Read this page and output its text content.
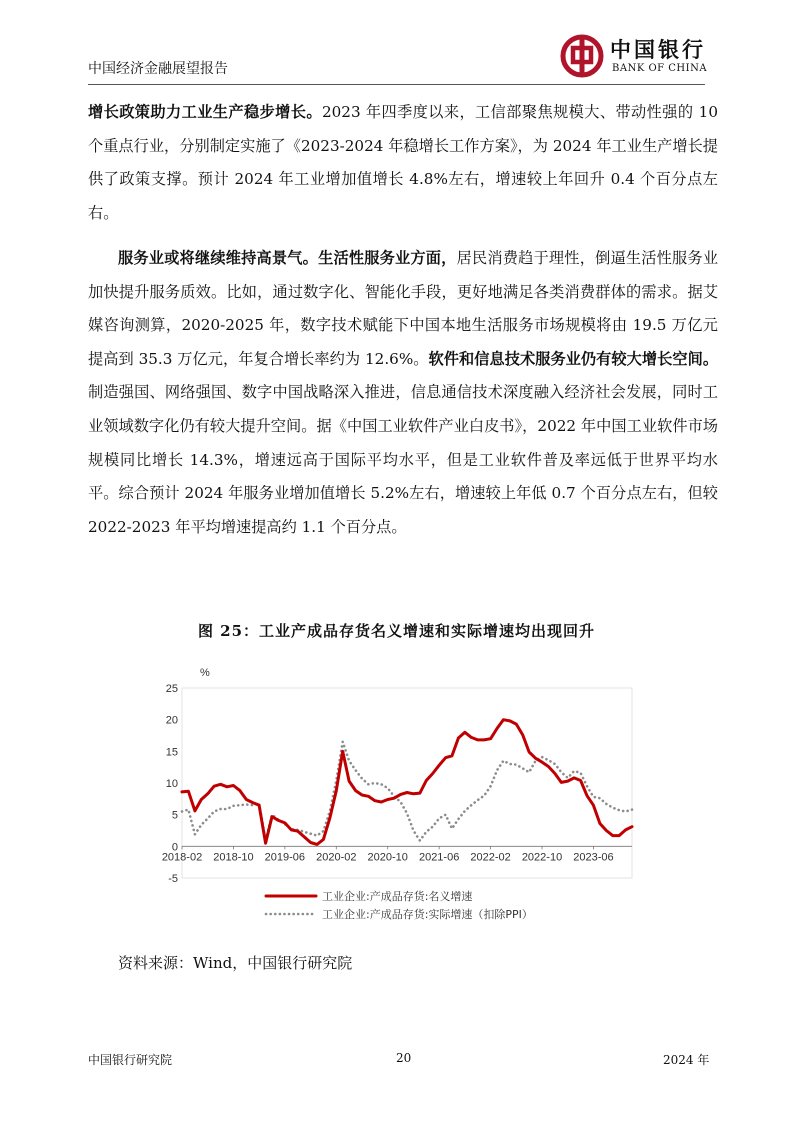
中国经济金融展望报告
中国银行
BANK OF CHINA
增长政策助力工业生产稳步增长。2023 年四季度以来，工信部聚焦规模大、带动性强的 10 个重点行业，分别制定实施了《2023-2024 年稳增长工作方案》，为 2024 年工业生产增长提供了政策支撑。预计 2024 年工业增加值增长 4.8%左右，增速较上年回升 0.4 个百分点左右。
服务业或将继续维持高景气。生活性服务业方面，居民消费趋于理性，倒逼生活性服务业加快提升服务质效。比如，通过数字化、智能化手段，更好地满足各类消费群体的需求。据艾媒咨询测算，2020-2025 年，数字技术赋能下中国本地生活服务市场规模将由 19.5 万亿元提高到 35.3 万亿元，年复合增长率约为 12.6%。软件和信息技术服务业仍有较大增长空间。制造强国、网络强国、数字中国战略深入推进，信息通信技术深度融入经济社会发展，同时工业领域数字化仍有较大提升空间。据《中国工业软件产业白皮书》，2022 年中国工业软件市场规模同比增长 14.3%，增速远高于国际平均水平，但是工业软件普及率远低于世界平均水平。综合预计 2024 年服务业增加值增长 5.2%左右，增速较上年低 0.7 个百分点左右，但较 2022-2023 年平均增速提高约 1.1 个百分点。
图 25：工业产成品存货名义增速和实际增速均出现回升
-5
0
5
10
15
20
25
%
2018-02 2018-10 2019-06 2020-02 2020-10 2021-06 2022-02 2022-10 2023-06
工业企业:产成品存货:名义增速
工业企业:产成品存货:实际增速（扣除PPI）
资料来源：Wind，中国银行研究院
中国银行研究院	20	2024 年
